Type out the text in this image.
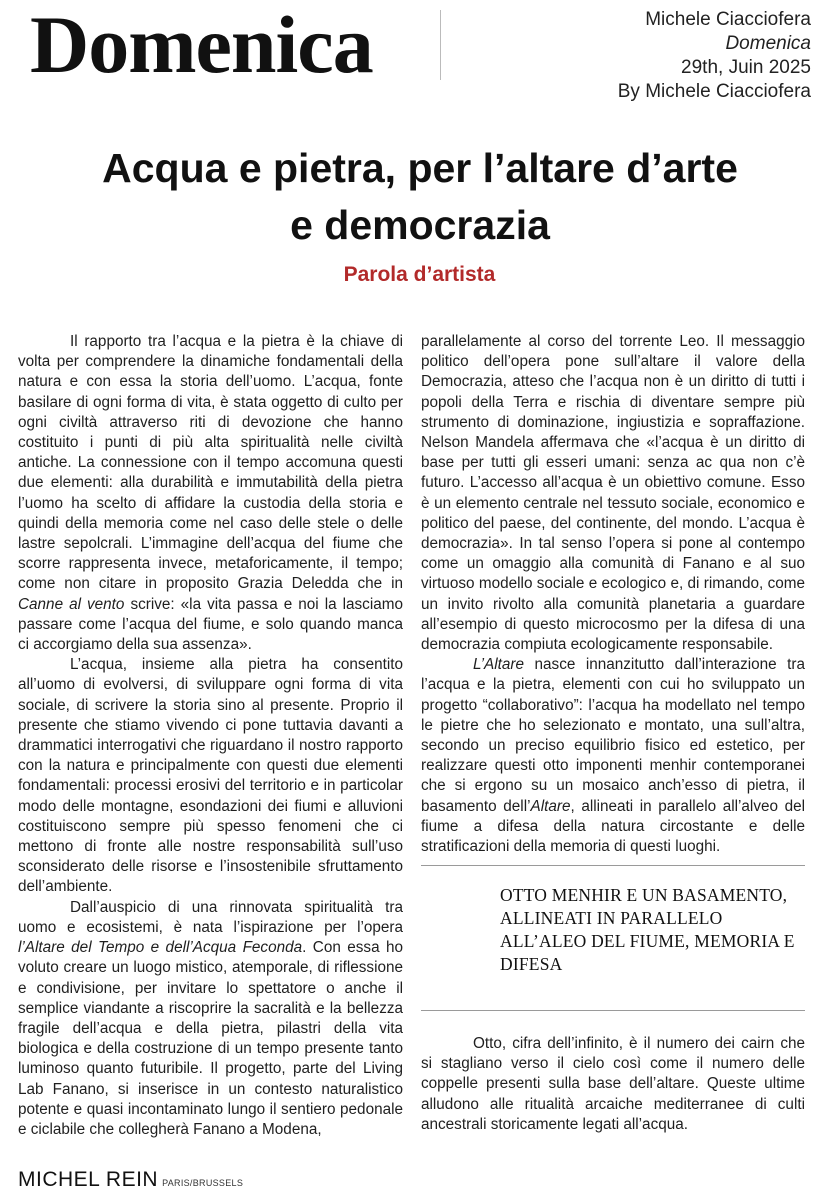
Domenica	Michele Ciacciofera
Domenica
29th, Juin 2025
By Michele Ciacciofera
Acqua e pietra, per l’altare d’arte
e democrazia
Parola d’artista

Il rapporto tra l’acqua e la pietra è la chiave di volta per comprendere la dinamiche fondamentali della natura e con essa la storia dell’uomo. L’acqua, fonte basilare di ogni forma di vita, è stata oggetto di culto per ogni civiltà attraverso riti di devozione che hanno costituito i punti di più alta spiritualità nelle civiltà antiche. La connessione con il tempo accomuna questi due elementi: alla durabilità e immutabilità della pietra l’uomo ha scelto di affidare la custodia della storia e quindi della memoria come nel caso delle stele o delle lastre sepolcrali. L’immagine dell’acqua del fiume che scorre rappresenta invece, metaforicamente, il tempo; come non citare in proposito Grazia Deledda che in Canne al vento scrive: «la vita passa e noi la lasciamo passare come l’acqua del fiume, e solo quando manca ci accorgiamo della sua assenza».

L’acqua, insieme alla pietra ha consentito all’uomo di evolversi, di sviluppare ogni forma di vita sociale, di scrivere la storia sino al presente. Proprio il presente che stiamo vivendo ci pone tuttavia davanti a drammatici interrogativi che riguardano il nostro rapporto con la natura e principalmente con questi due elementi fondamentali: processi erosivi del territorio e in particolar modo delle montagne, esondazioni dei fiumi e alluvioni costituiscono sempre più spesso fenomeni che ci mettono di fronte alle nostre responsabilità sull’uso sconsiderato delle risorse e l’insostenibile sfruttamento dell’ambiente.

Dall’auspicio di una rinnovata spiritualità tra uomo e ecosistemi, è nata l’ispirazione per l’opera l’Altare del Tempo e dell’Acqua Feconda. Con essa ho voluto creare un luogo mistico, atemporale, di riflessione e condivisione, per invitare lo spettatore o anche il semplice viandante a riscoprire la sacralità e la bellezza fragile dell’acqua e della pietra, pilastri della vita biologica e della costruzione di un tempo presente tanto luminoso quanto futuribile. Il progetto, parte del Living Lab Fanano, si inserisce in un contesto naturalistico potente e quasi incontaminato lungo il sentiero pedonale e ciclabile che collegherà Fanano a Modena,

parallelamente al corso del torrente Leo. Il messaggio politico dell’opera pone sull’altare il valore della Democrazia, atteso che l’acqua non è un diritto di tutti i popoli della Terra e rischia di diventare sempre più strumento di dominazione, ingiustizia e sopraffazione. Nelson Mandela affermava che «l’acqua è un diritto di base per tutti gli esseri umani: senza ac qua non c’è futuro. L’accesso all’acqua è un obiettivo comune. Esso è un elemento centrale nel tessuto sociale, economico e politico del paese, del continente, del mondo. L’acqua è democrazia». In tal senso l’opera si pone al contempo come un omaggio alla comunità di Fanano e al suo virtuoso modello sociale e ecologico e, di rimando, come un invito rivolto alla comunità planetaria a guardare all’esempio di questo microcosmo per la difesa di una democrazia compiuta ecologicamente responsabile.

L’Altare nasce innanzitutto dall’interazione tra l’acqua e la pietra, elementi con cui ho sviluppato un progetto “collaborativo”: l’acqua ha modellato nel tempo le pietre che ho selezionato e montato, una sull’altra, secondo un preciso equilibrio fisico ed estetico, per realizzare questi otto imponenti menhir contemporanei che si ergono su un mosaico anch’esso di pietra, il basamento dell’Altare, allineati in parallelo all’alveo del fiume a difesa della natura circostante e delle stratificazioni della memoria di questi luoghi.

OTTO MENHIR E UN BASAMENTO,
ALLINEATI IN PARALLELO
ALL’ALEO DEL FIUME, MEMORIA E
DIFESA

Otto, cifra dell’infinito, è il numero dei cairn che si stagliano verso il cielo così come il numero delle coppelle presenti sulla base dell’altare. Queste ultime alludono alle ritualità arcaiche mediterranee di culti ancestrali storicamente legati all’acqua.

MICHEL REIN PARIS/BRUSSELS
